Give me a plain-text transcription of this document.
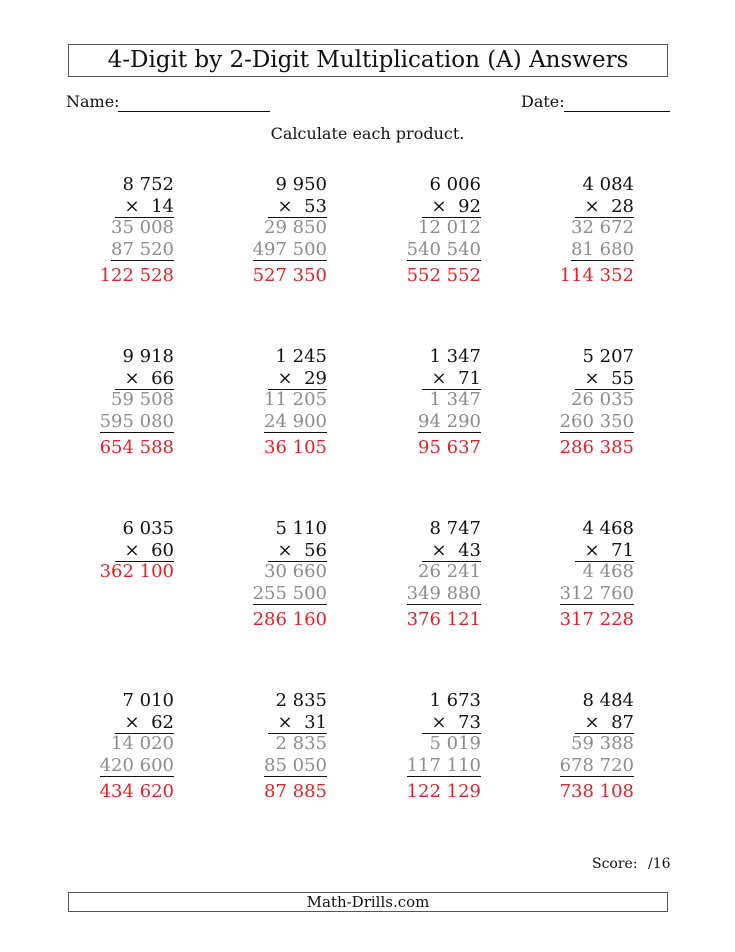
4-Digit by 2-Digit Multiplication (A) Answers
Name:	Date:
Calculate each product.
8 752
× 14
35 008
87 520
122 528
9 950
× 53
29 850
497 500
527 350
6 006
× 92
12 012
540 540
552 552
4 084
× 28
32 672
81 680
114 352
9 918
× 66
59 508
595 080
654 588
1 245
× 29
11 205
24 900
36 105
1 347
× 71
1 347
94 290
95 637
5 207
× 55
26 035
260 350
286 385
6 035
× 60
362 100
5 110
× 56
30 660
255 500
286 160
8 747
× 43
26 241
349 880
376 121
4 468
× 71
4 468
312 760
317 228
7 010
× 62
14 020
420 600
434 620
2 835
× 31
2 835
85 050
87 885
1 673
× 73
5 019
117 110
122 129
8 484
× 87
59 388
678 720
738 108
Score: /16
Math-Drills.com
